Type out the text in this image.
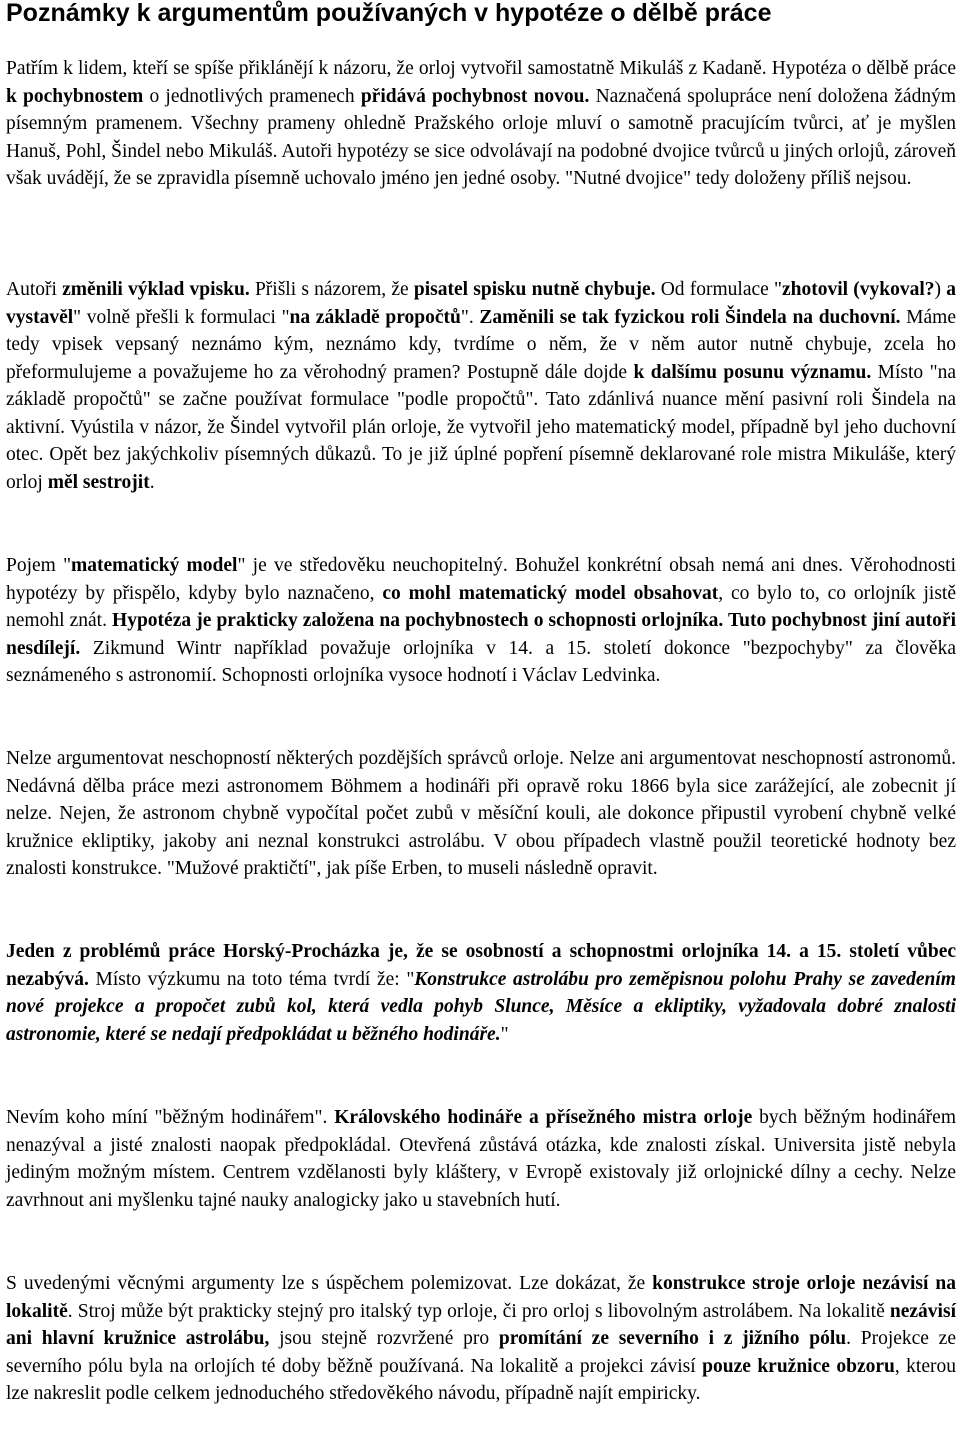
Poznámky k argumentům používaných v hypotéze o dělbě práce

Patřím k lidem, kteří se spíše přiklánějí k názoru, že orloj vytvořil samostatně Mikuláš z Kadaně. Hypotéza o dělbě práce k pochybnostem o jednotlivých pramenech přidává pochybnost novou. Naznačená spolupráce není doložena žádným písemným pramenem. Všechny prameny ohledně Pražského orloje mluví o samotně pracujícím tvůrci, ať je myšlen Hanuš, Pohl, Šindel nebo Mikuláš. Autoři hypotézy se sice odvolávají na podobné dvojice tvůrců u jiných orlojů, zároveň však uvádějí, že se zpravidla písemně uchovalo jméno jen jedné osoby. "Nutné dvojice" tedy doloženy příliš nejsou.

Autoři změnili výklad vpisku. Přišli s názorem, že pisatel spisku nutně chybuje. Od formulace "zhotovil (vykoval?) a vystavěl" volně přešli k formulaci "na základě propočtů". Zaměnili se tak fyzickou roli Šindela na duchovní. Máme tedy vpisek vepsaný neznámo kým, neznámo kdy, tvrdíme o něm, že v něm autor nutně chybuje, zcela ho přeformulujeme a považujeme ho za věrohodný pramen? Postupně dále dojde k dalšímu posunu významu. Místo "na základě propočtů" se začne používat formulace "podle propočtů". Tato zdánlivá nuance mění pasivní roli Šindela na aktivní. Vyústila v názor, že Šindel vytvořil plán orloje, že vytvořil jeho matematický model, případně byl jeho duchovní otec. Opět bez jakýchkoliv písemných důkazů. To je již úplné popření písemně deklarované role mistra Mikuláše, který orloj měl sestrojit.

Pojem "matematický model" je ve středověku neuchopitelný. Bohužel konkrétní obsah nemá ani dnes. Věrohodnosti hypotézy by přispělo, kdyby bylo naznačeno, co mohl matematický model obsahovat, co bylo to, co orlojník jistě nemohl znát. Hypotéza je prakticky založena na pochybnostech o schopnosti orlojníka. Tuto pochybnost jiní autoři nesdílejí. Zikmund Wintr například považuje orlojníka v 14. a 15. století dokonce "bezpochyby" za člověka seznámeného s astronomií. Schopnosti orlojníka vysoce hodnotí i Václav Ledvinka.

Nelze argumentovat neschopností některých pozdějších správců orloje. Nelze ani argumentovat neschopností astronomů. Nedávná dělba práce mezi astronomem Böhmem a hodináři při opravě roku 1866 byla sice zarážející, ale zobecnit jí nelze. Nejen, že astronom chybně vypočítal počet zubů v měsíční kouli, ale dokonce připustil vyrobení chybně velké kružnice ekliptiky, jakoby ani neznal konstrukci astrolábu. V obou případech vlastně použil teoretické hodnoty bez znalosti konstrukce. "Mužové praktičtí", jak píše Erben, to museli následně opravit.

Jeden z problémů práce Horský-Procházka je, že se osobností a schopnostmi orlojníka 14. a 15. století vůbec nezabývá. Místo výzkumu na toto téma tvrdí že: "Konstrukce astrolábu pro zeměpisnou polohu Prahy se zavedením nové projekce a propočet zubů kol, která vedla pohyb Slunce, Měsíce a ekliptiky, vyžadovala dobré znalosti astronomie, které se nedají předpokládat u běžného hodináře."

Nevím koho míní "běžným hodinářem". Královského hodináře a přísežného mistra orloje bych běžným hodinářem nenazýval a jisté znalosti naopak předpokládal. Otevřená zůstává otázka, kde znalosti získal. Universita jistě nebyla jediným možným místem. Centrem vzdělanosti byly kláštery, v Evropě existovaly již orlojnické dílny a cechy. Nelze zavrhnout ani myšlenku tajné nauky analogicky jako u stavebních hutí.

S uvedenými věcnými argumenty lze s úspěchem polemizovat. Lze dokázat, že konstrukce stroje orloje nezávisí na lokalitě. Stroj může být prakticky stejný pro italský typ orloje, či pro orloj s libovolným astrolábem. Na lokalitě nezávisí ani hlavní kružnice astrolábu, jsou stejně rozvržené pro promítání ze severního i z jižního pólu. Projekce ze severního pólu byla na orlojích té doby běžně používaná. Na lokalitě a projekci závisí pouze kružnice obzoru, kterou lze nakreslit podle celkem jednoduchého středověkého návodu, případně najít empiricky.
